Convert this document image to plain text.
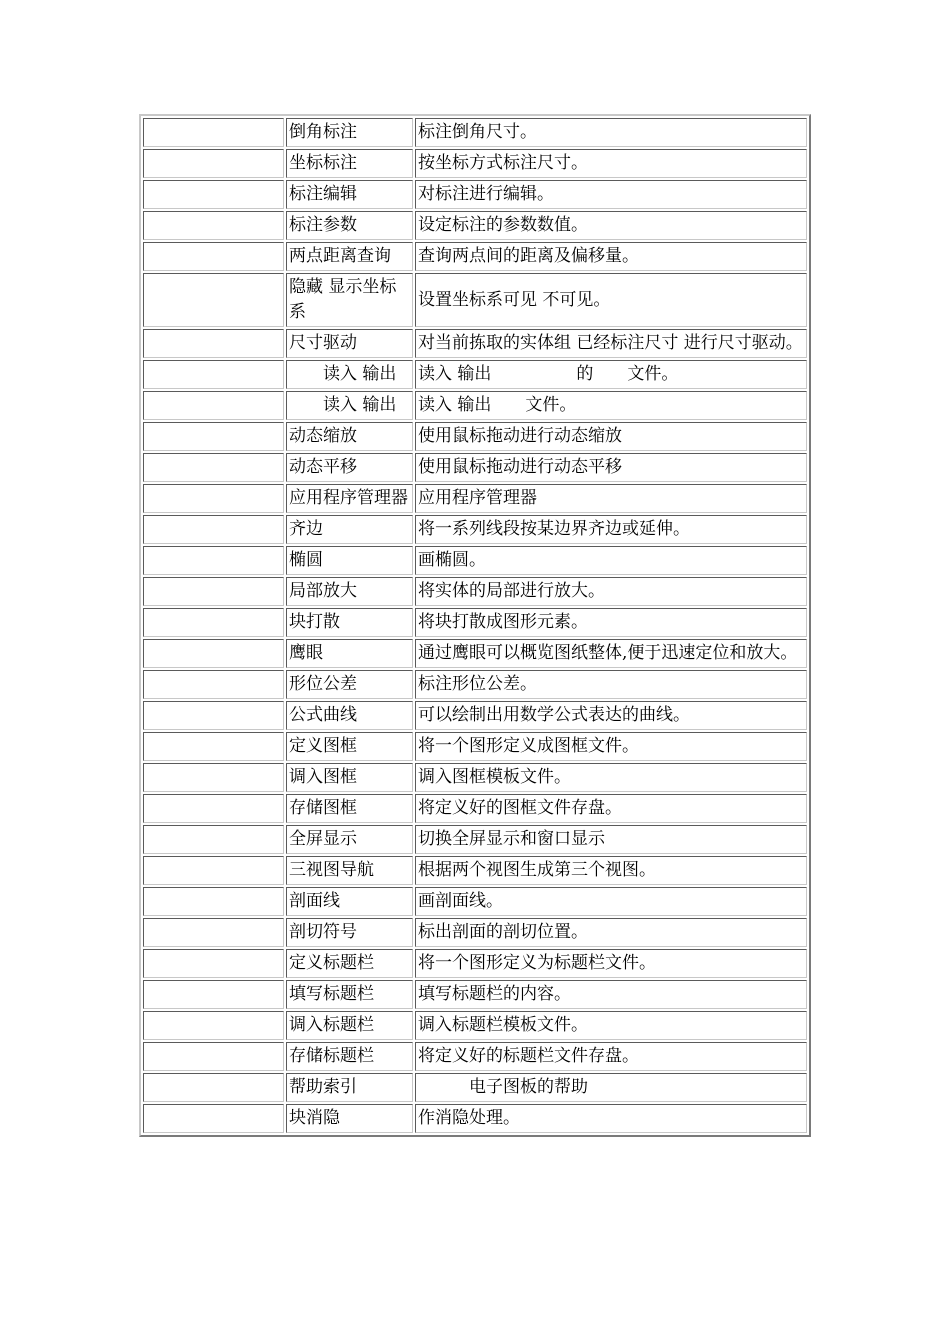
	倒角标注	标注倒角尺寸。
	坐标标注	按坐标方式标注尺寸。
	标注编辑	对标注进行编辑。
	标注参数	设定标注的参数数值。
	两点距离查询	查询两点间的距离及偏移量。
	隐藏 显示坐标系	设置坐标系可见 不可见。
	尺寸驱动	对当前拣取的实体组 已经标注尺寸 进行尺寸驱动。
	　　读入 输出	读入 输出　　　　　的　　文件。
	　　读入 输出	读入 输出　　文件。
	动态缩放	使用鼠标拖动进行动态缩放
	动态平移	使用鼠标拖动进行动态平移
	应用程序管理器	应用程序管理器
	齐边	将一系列线段按某边界齐边或延伸。
	椭圆	画椭圆。
	局部放大	将实体的局部进行放大。
	块打散	将块打散成图形元素。
	鹰眼	通过鹰眼可以概览图纸整体,便于迅速定位和放大。
	形位公差	标注形位公差。
	公式曲线	可以绘制出用数学公式表达的曲线。
	定义图框	将一个图形定义成图框文件。
	调入图框	调入图框模板文件。
	存储图框	将定义好的图框文件存盘。
	全屏显示	切换全屏显示和窗口显示
	三视图导航	根据两个视图生成第三个视图。
	剖面线	画剖面线。
	剖切符号	标出剖面的剖切位置。
	定义标题栏	将一个图形定义为标题栏文件。
	填写标题栏	填写标题栏的内容。
	调入标题栏	调入标题栏模板文件。
	存储标题栏	将定义好的标题栏文件存盘。
	帮助索引	　　　电子图板的帮助
	块消隐	作消隐处理。
